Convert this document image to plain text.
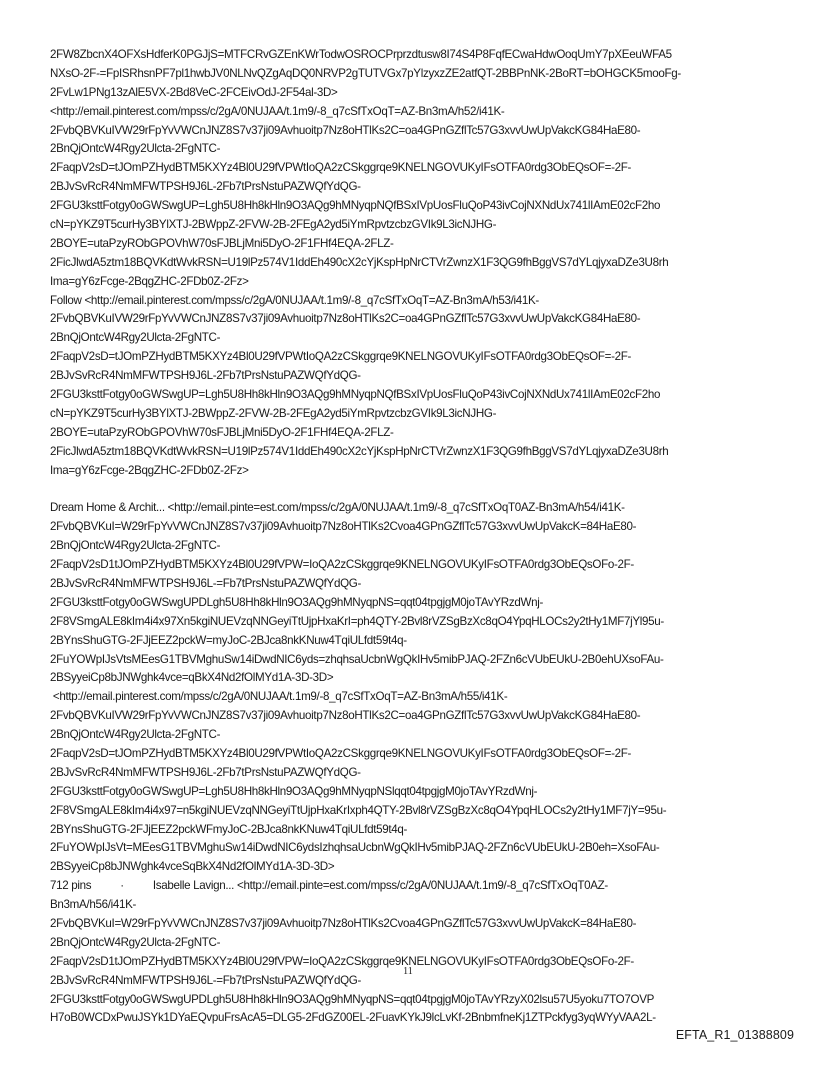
2FW8ZbcnX4OFXsHdferK0PGJjS=MTFCRvGZEnKWrTodwOSROCPrprzdtusw8I74S4P8FqfECwaHdwOoqUmY7pXEeuWFA5
NXsO-2F-=FpISRhsnPF7pl1hwbJV0NLNvQZgAqDQ0NRVP2gTUTVGx7pYlzyxzZE2atfQT-2BBPnNK-2BoRT=bOHGCK5mooFg-
2FvLw1PNg13zAlE5VX-2Bd8VeC-2FCEivOdJ-2F54al-3D>
<http://email.pinterest.com/mpss/c/2gA/0NUJAA/t.1m9/-8_q7cSfTxOqT=AZ-Bn3mA/h52/i41K-
2FvbQBVKuIVW29rFpYvVWCnJNZ8S7v37ji09Avhuoitp7Nz8oHTlKs2C=oa4GPnGZflTc57G3xvvUwUpVakcKG84HaE80-
2BnQjOntcW4Rgy2Ulcta-2FgNTC-
2FaqpV2sD=tJOmPZHydBTM5KXYz4Bl0U29fVPWtIoQA2zCSkggrqe9KNELNGOVUKyIFsOTFA0rdg3ObEQsOF=-2F-
2BJvSvRcR4NmMFWTPSH9J6L-2Fb7tPrsNstuPAZWQfYdQG-
2FGU3ksttFotgy0oGWSwgUP=Lgh5U8Hh8kHln9O3AQg9hMNyqpNQfBSxIVpUosFluQoP43ivCojNXNdUx741lIAmE02cF2ho
cN=pYKZ9T5curHy3BYlXTJ-2BWppZ-2FVW-2B-2FEgA2yd5iYmRpvtzcbzGVIk9L3icNJHG-
2BOYE=utaPzyRObGPOVhW70sFJBLjMni5DyO-2F1FHf4EQA-2FLZ-
2FicJlwdA5ztm18BQVKdtWvkRSN=U19lPz574V1IddEh490cX2cYjKspHpNrCTVrZwnzX1F3QG9fhBggVS7dYLqjyxaDZe3U8rh
Ima=gY6zFcge-2BqgZHC-2FDb0Z-2Fz>
Follow <http://email.pinterest.com/mpss/c/2gA/0NUJAA/t.1m9/-8_q7cSfTxOqT=AZ-Bn3mA/h53/i41K-
2FvbQBVKuIVW29rFpYvVWCnJNZ8S7v37ji09Avhuoitp7Nz8oHTlKs2C=oa4GPnGZflTc57G3xvvUwUpVakcKG84HaE80-
2BnQjOntcW4Rgy2Ulcta-2FgNTC-
2FaqpV2sD=tJOmPZHydBTM5KXYz4Bl0U29fVPWtIoQA2zCSkggrqe9KNELNGOVUKyIFsOTFA0rdg3ObEQsOF=-2F-
2BJvSvRcR4NmMFWTPSH9J6L-2Fb7tPrsNstuPAZWQfYdQG-
2FGU3ksttFotgy0oGWSwgUP=Lgh5U8Hh8kHln9O3AQg9hMNyqpNQfBSxIVpUosFluQoP43ivCojNXNdUx741lIAmE02cF2ho
cN=pYKZ9T5curHy3BYlXTJ-2BWppZ-2FVW-2B-2FEgA2yd5iYmRpvtzcbzGVIk9L3icNJHG-
2BOYE=utaPzyRObGPOVhW70sFJBLjMni5DyO-2F1FHf4EQA-2FLZ-
2FicJlwdA5ztm18BQVKdtWvkRSN=U19lPz574V1IddEh490cX2cYjKspHpNrCTVrZwnzX1F3QG9fhBggVS7dYLqjyxaDZe3U8rh
Ima=gY6zFcge-2BqgZHC-2FDb0Z-2Fz>
Dream Home & Archit... <http://email.pinte=est.com/mpss/c/2gA/0NUJAA/t.1m9/-8_q7cSfTxOqT0AZ-Bn3mA/h54/i41K-
2FvbQBVKuI=W29rFpYvVWCnJNZ8S7v37ji09Avhuoitp7Nz8oHTlKs2Cvoa4GPnGZflTc57G3xvvUwUpVakcK=84HaE80-
2BnQjOntcW4Rgy2Ulcta-2FgNTC-
2FaqpV2sD1tJOmPZHydBTM5KXYz4Bl0U29fVPW=IoQA2zCSkggrqe9KNELNGOVUKyIFsOTFA0rdg3ObEQsOFo-2F-
2BJvSvRcR4NmMFWTPSH9J6L-=Fb7tPrsNstuPAZWQfYdQG-
2FGU3ksttFotgy0oGWSwgUPDLgh5U8Hh8kHln9O3AQg9hMNyqpNS=qqt04tpgjgM0joTAvYRzdWnj-
2F8VSmgALE8kIm4i4x97Xn5kgiNUEVzqNNGeyiTtUjpHxaKrI=ph4QTY-2Bvl8rVZSgBzXc8qO4YpqHLOCs2y2tHy1MF7jYl95u-
2BYnsShuGTG-2FJjEEZ2pckW=myJoC-2BJca8nkKNuw4TqiULfdt59t4q-
2FuYOWpIJsVtsMEesG1TBVMghuSw14iDwdNIC6yds=zhqhsaUcbnWgQkIHv5mibPJAQ-2FZn6cVUbEUkU-2B0ehUXsoFAu-
2BSyyeiCp8bJNWghk4vce=qBkX4Nd2fOlMYd1A-3D-3D>
<http://email.pinterest.com/mpss/c/2gA/0NUJAA/t.1m9/-8_q7cSfTxOqT=AZ-Bn3mA/h55/i41K-
2FvbQBVKuIVW29rFpYvVWCnJNZ8S7v37ji09Avhuoitp7Nz8oHTlKs2C=oa4GPnGZflTc57G3xvvUwUpVakcKG84HaE80-
2BnQjOntcW4Rgy2Ulcta-2FgNTC-
2FaqpV2sD=tJOmPZHydBTM5KXYz4Bl0U29fVPWtIoQA2zCSkggrqe9KNELNGOVUKyIFsOTFA0rdg3ObEQsOF=-2F-
2BJvSvRcR4NmMFWTPSH9J6L-2Fb7tPrsNstuPAZWQfYdQG-
2FGU3ksttFotgy0oGWSwgUP=Lgh5U8Hh8kHln9O3AQg9hMNyqpNSlqqt04tpgjgM0joTAvYRzdWnj-
2F8VSmgALE8kIm4i4x97=n5kgiNUEVzqNNGeyiTtUjpHxaKrIxph4QTY-2Bvl8rVZSgBzXc8qO4YpqHLOCs2y2tHy1MF7jY=95u-
2BYnsShuGTG-2FJjEEZ2pckWFmyJoC-2BJca8nkKNuw4TqiULfdt59t4q-
2FuYOWpIJsVt=MEesG1TBVMghuSw14iDwdNIC6ydsIzhqhsaUcbnWgQkIHv5mibPJAQ-2FZn6cVUbEUkU-2B0eh=XsoFAu-
2BSyyeiCp8bJNWghk4vceSqBkX4Nd2fOlMYd1A-3D-3D>
712 pins          ·          Isabelle Lavign... <http://email.pinte=est.com/mpss/c/2gA/0NUJAA/t.1m9/-8_q7cSfTxOqT0AZ-
Bn3mA/h56/i41K-
2FvbQBVKuI=W29rFpYvVWCnJNZ8S7v37ji09Avhuoitp7Nz8oHTlKs2Cvoa4GPnGZflTc57G3xvvUwUpVakcK=84HaE80-
2BnQjOntcW4Rgy2Ulcta-2FgNTC-
2FaqpV2sD1tJOmPZHydBTM5KXYz4Bl0U29fVPW=IoQA2zCSkggrqe9KNELNGOVUKyIFsOTFA0rdg3ObEQsOFo-2F-
2BJvSvRcR4NmMFWTPSH9J6L-=Fb7tPrsNstuPAZWQfYdQG-
2FGU3ksttFotgy0oGWSwgUPDLgh5U8Hh8kHln9O3AQg9hMNyqpNS=qqt04tpgjgM0joTAvYRzyX02lsu57U5yoku7TO7OVP
H7oB0WCDxPwuJSYk1DYaEQvpuFrsAcA5=DLG5-2FdGZ00EL-2FuavKYkJ9lcLvKf-2BnbmfneKj1ZTPckfyg3yqWYyVAA2L-
11
EFTA_R1_01388809
